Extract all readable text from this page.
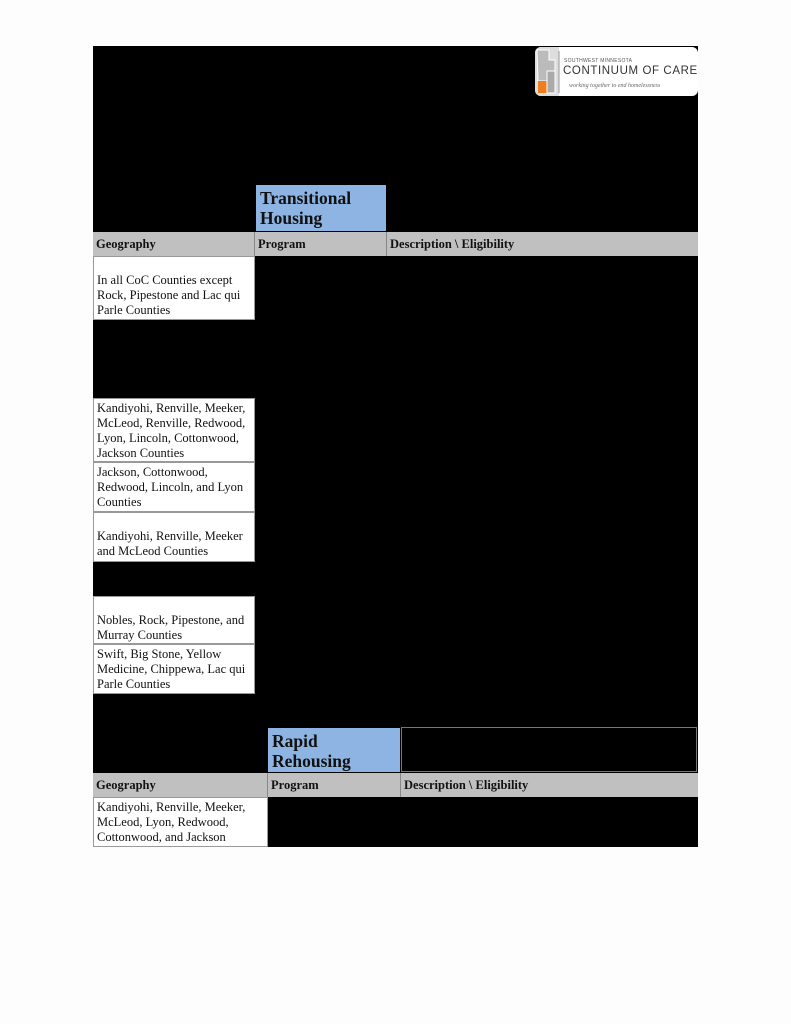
SOUTHWEST MINNESOTA
CONTINUUM OF CARE
working together to end homelessness
Transitional
Housing
Geography	Program	Description \ Eligibility
In all CoC Counties except Rock, Pipestone and Lac qui Parle Counties
Kandiyohi, Renville, Meeker, McLeod, Renville, Redwood, Lyon, Lincoln, Cottonwood, Jackson Counties
Jackson, Cottonwood, Redwood, Lincoln, and Lyon Counties
Kandiyohi, Renville, Meeker and McLeod Counties
Nobles, Rock, Pipestone, and Murray Counties
Swift, Big Stone, Yellow Medicine, Chippewa, Lac qui Parle Counties
Rapid
Rehousing
Geography	Program	Description \ Eligibility
Kandiyohi, Renville, Meeker, McLeod, Lyon, Redwood, Cottonwood, and Jackson
